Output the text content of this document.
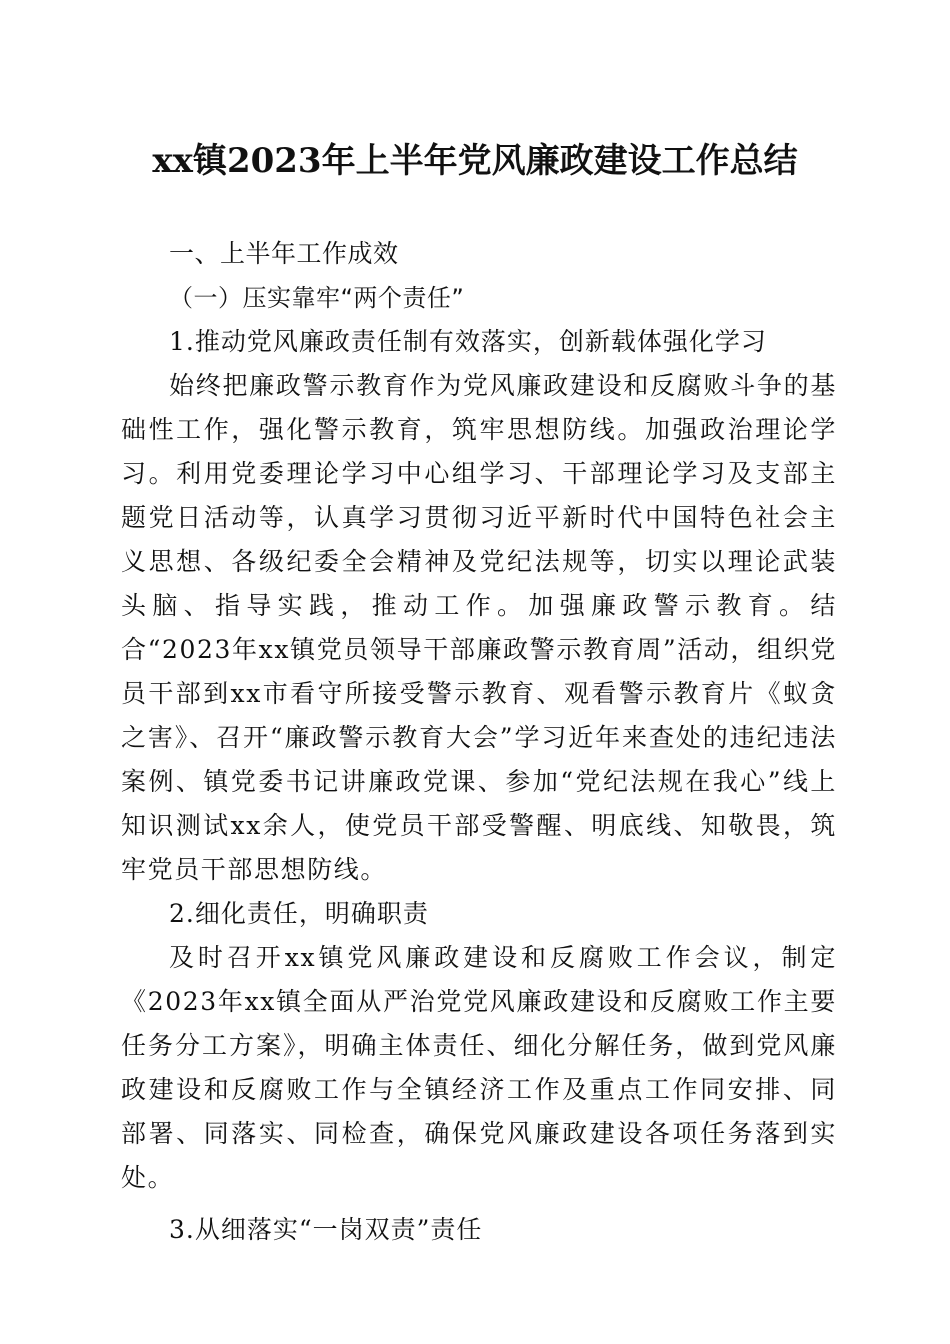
xx镇2023年上半年党风廉政建设工作总结

一、上半年工作成效

（一）压实靠牢“两个责任”

1.推动党风廉政责任制有效落实，创新载体强化学习

始终把廉政警示教育作为党风廉政建设和反腐败斗争的基础性工作，强化警示教育，筑牢思想防线。加强政治理论学习。利用党委理论学习中心组学习、干部理论学习及支部主题党日活动等，认真学习贯彻习近平新时代中国特色社会主义思想、各级纪委全会精神及党纪法规等，切实以理论武装头脑、指导实践，推动工作。加强廉政警示教育。结合“2023年xx镇党员领导干部廉政警示教育周”活动，组织党员干部到xx市看守所接受警示教育、观看警示教育片《蚁贪之害》、召开“廉政警示教育大会”学习近年来查处的违纪违法案例、镇党委书记讲廉政党课、参加“党纪法规在我心”线上知识测试xx余人，使党员干部受警醒、明底线、知敬畏，筑牢党员干部思想防线。

2.细化责任，明确职责

及时召开xx镇党风廉政建设和反腐败工作会议，制定《2023年xx镇全面从严治党党风廉政建设和反腐败工作主要任务分工方案》，明确主体责任、细化分解任务，做到党风廉政建设和反腐败工作与全镇经济工作及重点工作同安排、同部署、同落实、同检查，确保党风廉政建设各项任务落到实处。

3.从细落实“一岗双责”责任
